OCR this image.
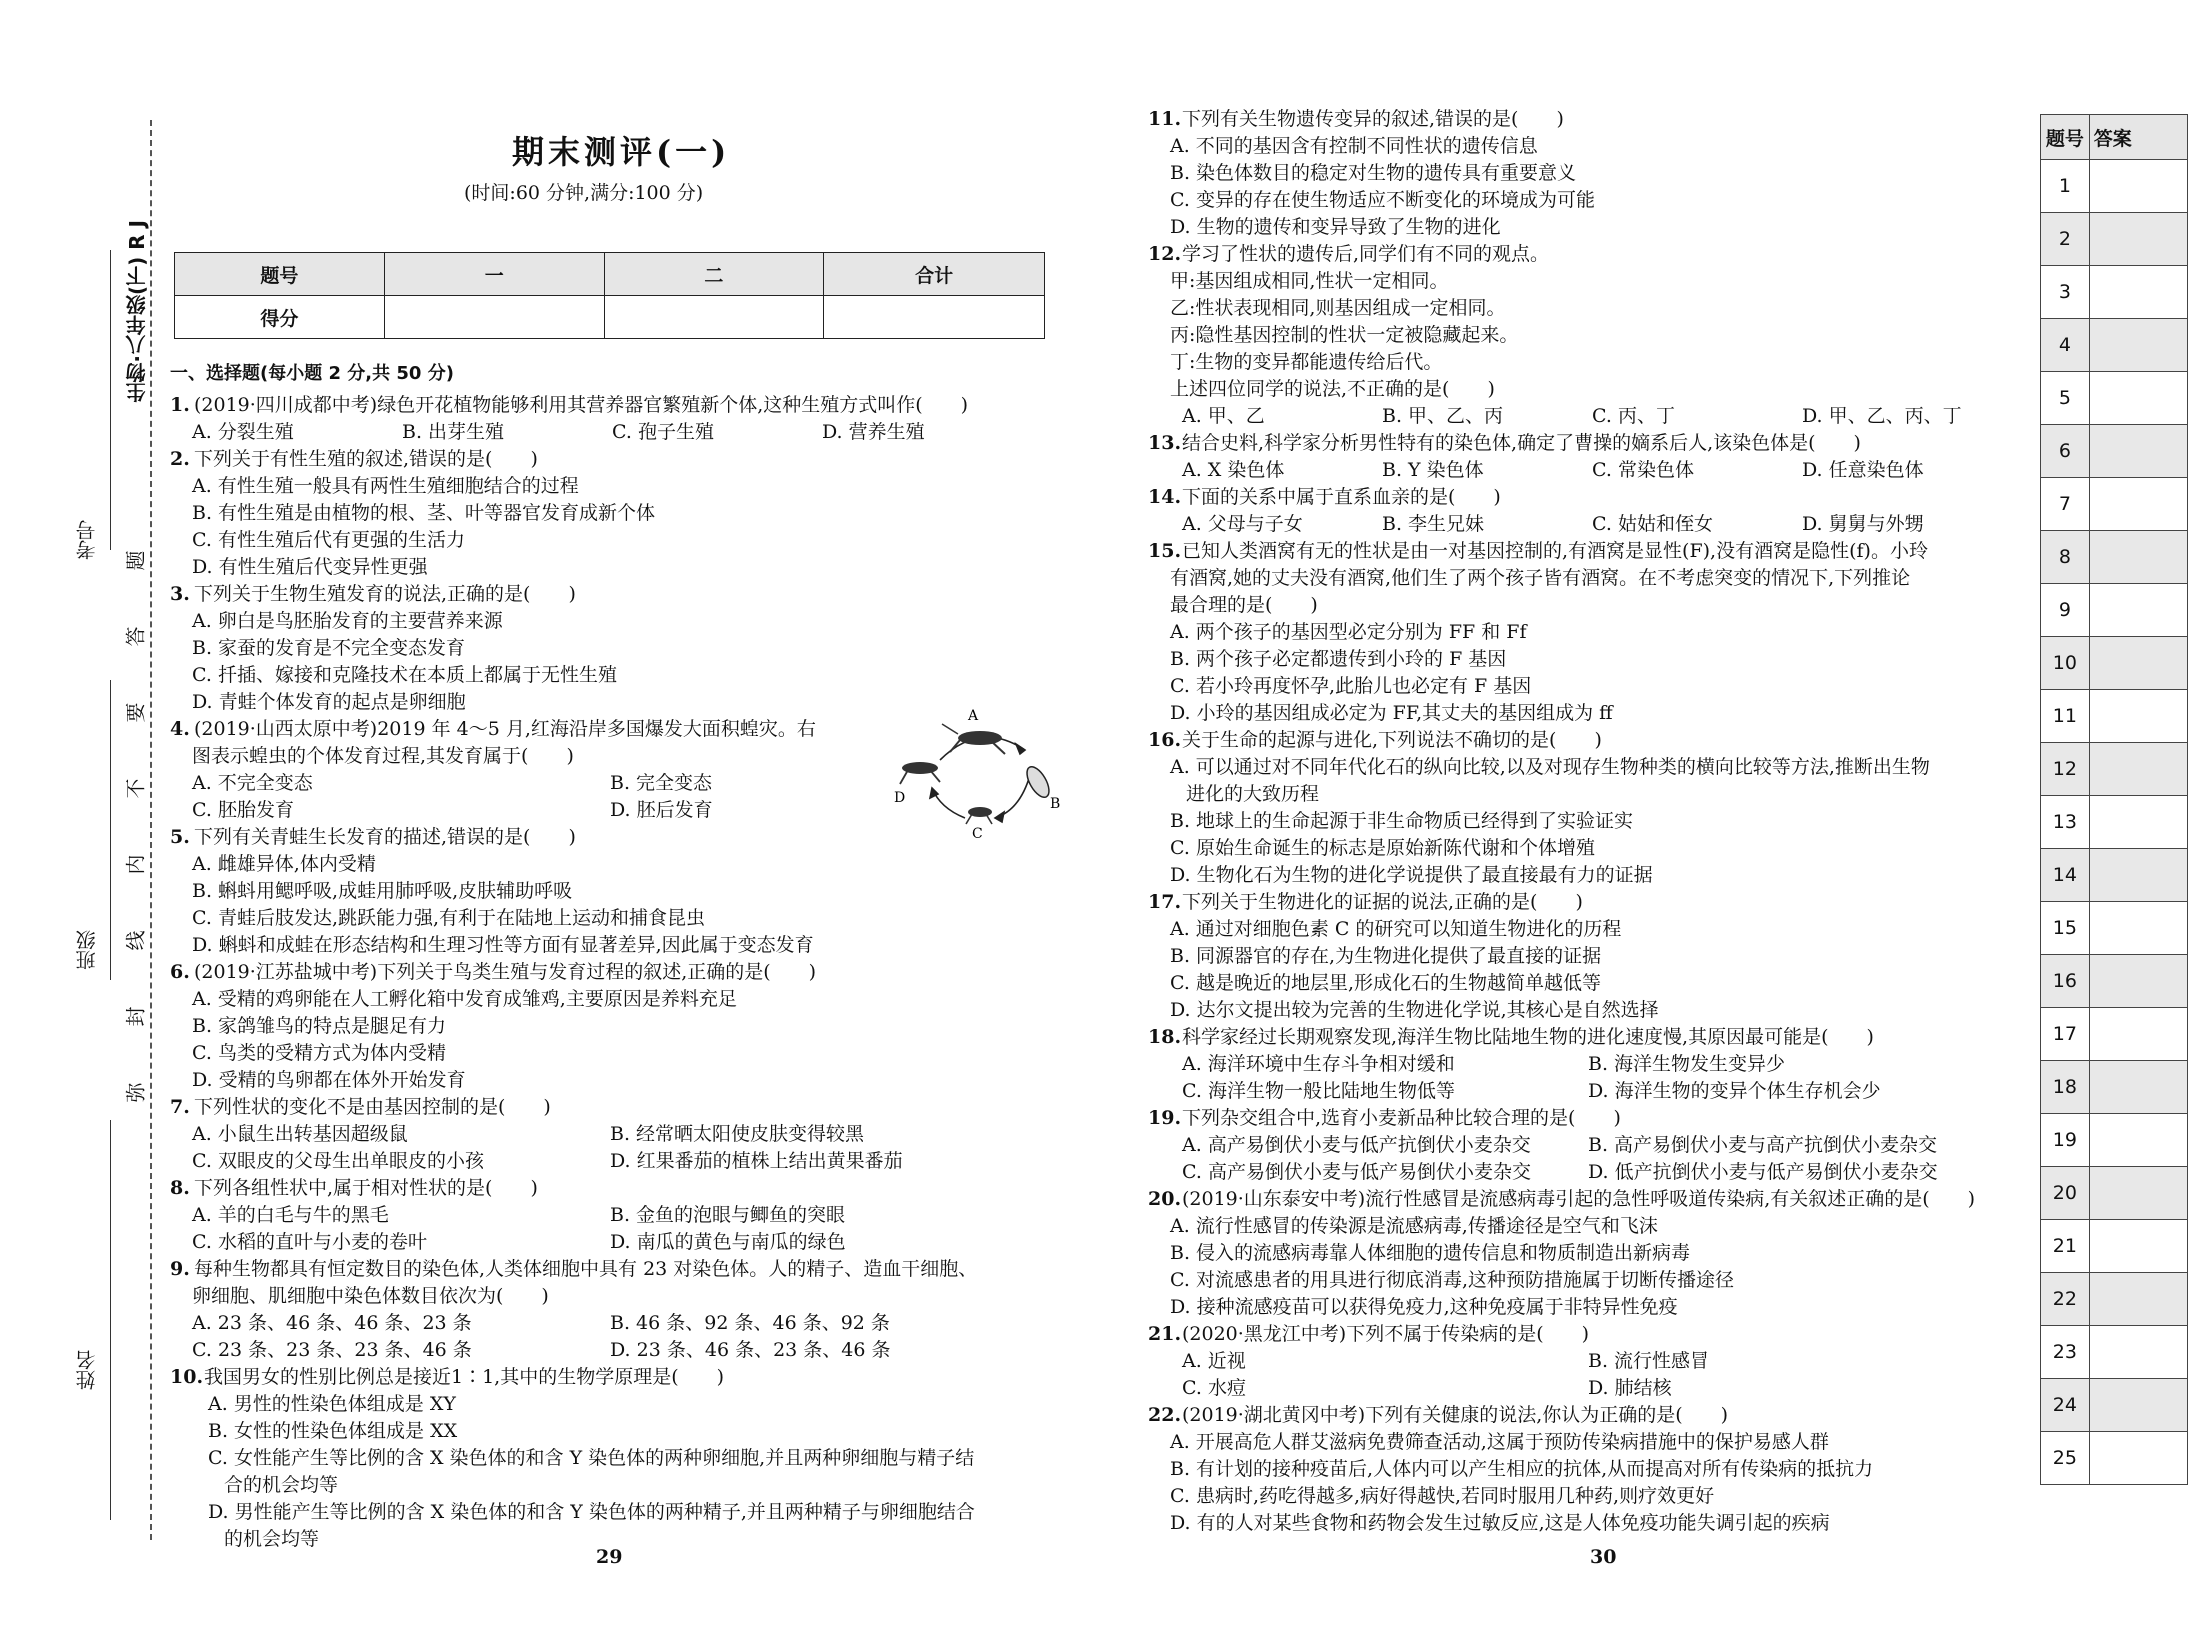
考号
班级
姓名
生物·八年级(下) R J
题
答
要
不
内
线
封
弥
期末测评(一)
(时间:60 分钟,满分:100 分)
题号	一	二	合计
得分			
一、选择题(每小题 2 分,共 50 分)
1. (2019·四川成都中考)绿色开花植物能够利用其营养器官繁殖新个体,这种生殖方式叫作(　　)
A. 分裂生殖	B. 出芽生殖	C. 孢子生殖	D. 营养生殖
2. 下列关于有性生殖的叙述,错误的是(　　)
A. 有性生殖一般具有两性生殖细胞结合的过程
B. 有性生殖是由植物的根、茎、叶等器官发育成新个体
C. 有性生殖后代有更强的生活力
D. 有性生殖后代变异性更强
3. 下列关于生物生殖发育的说法,正确的是(　　)
A. 卵白是鸟胚胎发育的主要营养来源
B. 家蚕的发育是不完全变态发育
C. 扦插、嫁接和克隆技术在本质上都属于无性生殖
D. 青蛙个体发育的起点是卵细胞
4. (2019·山西太原中考)2019 年 4～5 月,红海沿岸多国爆发大面积蝗灾。右
图表示蝗虫的个体发育过程,其发育属于(　　)
A. 不完全变态	B. 完全变态
C. 胚胎发育	D. 胚后发育
5. 下列有关青蛙生长发育的描述,错误的是(　　)
A. 雌雄异体,体内受精
B. 蝌蚪用鳃呼吸,成蛙用肺呼吸,皮肤辅助呼吸
C. 青蛙后肢发达,跳跃能力强,有利于在陆地上运动和捕食昆虫
D. 蝌蚪和成蛙在形态结构和生理习性等方面有显著差异,因此属于变态发育
6. (2019·江苏盐城中考)下列关于鸟类生殖与发育过程的叙述,正确的是(　　)
A. 受精的鸡卵能在人工孵化箱中发育成雏鸡,主要原因是养料充足
B. 家鸽雏鸟的特点是腿足有力
C. 鸟类的受精方式为体内受精
D. 受精的鸟卵都在体外开始发育
7. 下列性状的变化不是由基因控制的是(　　)
A. 小鼠生出转基因超级鼠	B. 经常晒太阳使皮肤变得较黑
C. 双眼皮的父母生出单眼皮的小孩	D. 红果番茄的植株上结出黄果番茄
8. 下列各组性状中,属于相对性状的是(　　)
A. 羊的白毛与牛的黑毛	B. 金鱼的泡眼与鲫鱼的突眼
C. 水稻的直叶与小麦的卷叶	D. 南瓜的黄色与南瓜的绿色
9. 每种生物都具有恒定数目的染色体,人类体细胞中具有 23 对染色体。人的精子、造血干细胞、
卵细胞、肌细胞中染色体数目依次为(　　)
A. 23 条、46 条、46 条、23 条	B. 46 条、92 条、46 条、92 条
C. 23 条、23 条、23 条、46 条	D. 23 条、46 条、23 条、46 条
10. 我国男女的性别比例总是接近1∶1,其中的生物学原理是(　　)
A. 男性的性染色体组成是 XY
B. 女性的性染色体组成是 XX
C. 女性能产生等比例的含 X 染色体的和含 Y 染色体的两种卵细胞,并且两种卵细胞与精子结
合的机会均等
D. 男性能产生等比例的含 X 染色体的和含 Y 染色体的两种精子,并且两种精子与卵细胞结合
的机会均等
11. 下列有关生物遗传变异的叙述,错误的是(　　)
A. 不同的基因含有控制不同性状的遗传信息
B. 染色体数目的稳定对生物的遗传具有重要意义
C. 变异的存在使生物适应不断变化的环境成为可能
D. 生物的遗传和变异导致了生物的进化
12. 学习了性状的遗传后,同学们有不同的观点。
甲:基因组成相同,性状一定相同。
乙:性状表现相同,则基因组成一定相同。
丙:隐性基因控制的性状一定被隐藏起来。
丁:生物的变异都能遗传给后代。
上述四位同学的说法,不正确的是(　　)
A. 甲、乙	B. 甲、乙、丙	C. 丙、丁	D. 甲、乙、丙、丁
13. 结合史料,科学家分析男性特有的染色体,确定了曹操的嫡系后人,该染色体是(　　)
A. X 染色体	B. Y 染色体	C. 常染色体	D. 任意染色体
14. 下面的关系中属于直系血亲的是(　　)
A. 父母与子女	B. 李生兄妹	C. 姑姑和侄女	D. 舅舅与外甥
15. 已知人类酒窝有无的性状是由一对基因控制的,有酒窝是显性(F),没有酒窝是隐性(f)。小玲
有酒窝,她的丈夫没有酒窝,他们生了两个孩子皆有酒窝。在不考虑突变的情况下,下列推论
最合理的是(　　)
A. 两个孩子的基因型必定分别为 FF 和 Ff
B. 两个孩子必定都遗传到小玲的 F 基因
C. 若小玲再度怀孕,此胎儿也必定有 F 基因
D. 小玲的基因组成必定为 FF,其丈夫的基因组成为 ff
16. 关于生命的起源与进化,下列说法不确切的是(　　)
A. 可以通过对不同年代化石的纵向比较,以及对现存生物种类的横向比较等方法,推断出生物
进化的大致历程
B. 地球上的生命起源于非生命物质已经得到了实验证实
C. 原始生命诞生的标志是原始新陈代谢和个体增殖
D. 生物化石为生物的进化学说提供了最直接最有力的证据
17. 下列关于生物进化的证据的说法,正确的是(　　)
A. 通过对细胞色素 C 的研究可以知道生物进化的历程
B. 同源器官的存在,为生物进化提供了最直接的证据
C. 越是晚近的地层里,形成化石的生物越简单越低等
D. 达尔文提出较为完善的生物进化学说,其核心是自然选择
18. 科学家经过长期观察发现,海洋生物比陆地生物的进化速度慢,其原因最可能是(　　)
A. 海洋环境中生存斗争相对缓和	B. 海洋生物发生变异少
C. 海洋生物一般比陆地生物低等	D. 海洋生物的变异个体生存机会少
19. 下列杂交组合中,选育小麦新品种比较合理的是(　　)
A. 高产易倒伏小麦与低产抗倒伏小麦杂交	B. 高产易倒伏小麦与高产抗倒伏小麦杂交
C. 高产易倒伏小麦与低产易倒伏小麦杂交	D. 低产抗倒伏小麦与低产易倒伏小麦杂交
20. (2019·山东泰安中考)流行性感冒是流感病毒引起的急性呼吸道传染病,有关叙述正确的是(　　)
A. 流行性感冒的传染源是流感病毒,传播途径是空气和飞沫
B. 侵入的流感病毒靠人体细胞的遗传信息和物质制造出新病毒
C. 对流感患者的用具进行彻底消毒,这种预防措施属于切断传播途径
D. 接种流感疫苗可以获得免疫力,这种免疫属于非特异性免疫
21. (2020·黑龙江中考)下列不属于传染病的是(　　)
A. 近视	B. 流行性感冒
C. 水痘	D. 肺结核
22. (2019·湖北黄冈中考)下列有关健康的说法,你认为正确的是(　　)
A. 开展高危人群艾滋病免费筛查活动,这属于预防传染病措施中的保护易感人群
B. 有计划的接种疫苗后,人体内可以产生相应的抗体,从而提高对所有传染病的抵抗力
C. 患病时,药吃得越多,病好得越快,若同时服用几种药,则疗效更好
D. 有的人对某些食物和药物会发生过敏反应,这是人体免疫功能失调引起的疾病
A
B
C
D
题号	答案
1	
2	
3	
4	
5	
6	
7	
8	
9	
10	
11	
12	
13	
14	
15	
16	
17	
18	
19	
20	
21	
22	
23	
24	
25	
29	30
